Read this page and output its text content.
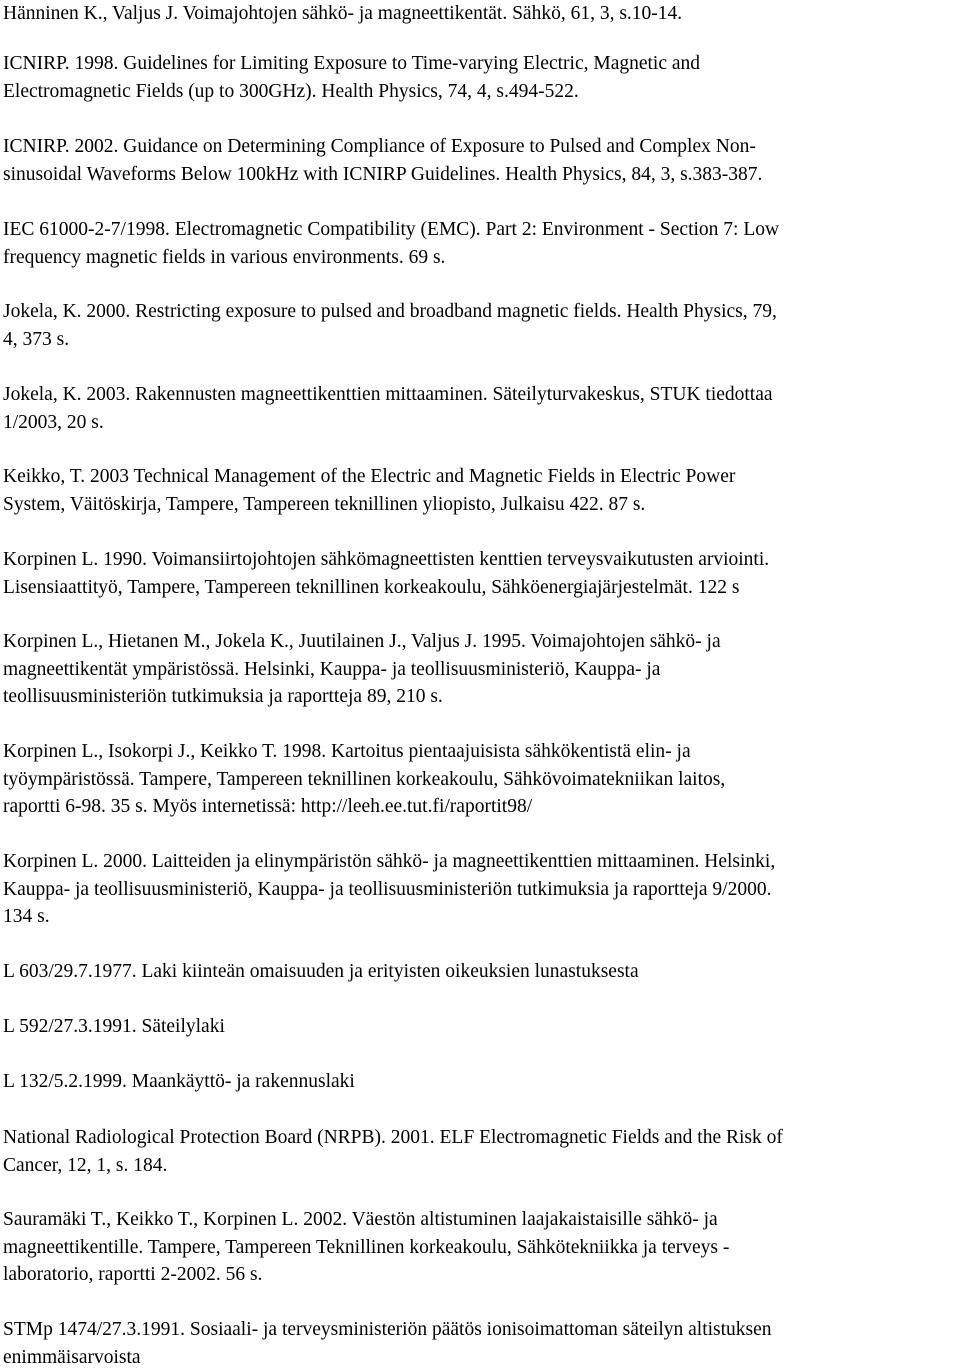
Hänninen K., Valjus J. Voimajohtojen sähkö- ja magneettikentät. Sähkö, 61, 3, s.10-14.

ICNIRP. 1998. Guidelines for Limiting Exposure to Time-varying Electric, Magnetic and
Electromagnetic Fields (up to 300GHz). Health Physics, 74, 4, s.494-522.

ICNIRP. 2002. Guidance on Determining Compliance of Exposure to Pulsed and Complex Non-
sinusoidal Waveforms Below 100kHz with ICNIRP Guidelines. Health Physics, 84, 3, s.383-387.

IEC 61000-2-7/1998. Electromagnetic Compatibility (EMC). Part 2: Environment - Section 7: Low
frequency magnetic fields in various environments. 69 s.

Jokela, K. 2000. Restricting exposure to pulsed and broadband magnetic fields. Health Physics, 79,
4, 373 s.

Jokela, K. 2003. Rakennusten magneettikenttien mittaaminen. Säteilyturvakeskus, STUK tiedottaa
1/2003, 20 s.

Keikko, T. 2003 Technical Management of the Electric and Magnetic Fields in Electric Power
System, Väitöskirja, Tampere, Tampereen teknillinen yliopisto, Julkaisu 422. 87 s.

Korpinen L. 1990. Voimansiirtojohtojen sähkömagneettisten kenttien terveysvaikutusten arviointi.
Lisensiaattityö, Tampere, Tampereen teknillinen korkeakoulu, Sähköenergiajärjestelmät. 122 s

Korpinen L., Hietanen M., Jokela K., Juutilainen J., Valjus J. 1995. Voimajohtojen sähkö- ja
magneettikentät ympäristössä. Helsinki, Kauppa- ja teollisuusministeriö, Kauppa- ja
teollisuusministeriön tutkimuksia ja raportteja 89, 210 s.

Korpinen L., Isokorpi J., Keikko T. 1998. Kartoitus pientaajuisista sähkökentistä elin- ja
työympäristössä. Tampere, Tampereen teknillinen korkeakoulu, Sähkövoimatekniikan laitos,
raportti 6-98. 35 s. Myös internetissä: http://leeh.ee.tut.fi/raportit98/

Korpinen L. 2000. Laitteiden ja elinympäristön sähkö- ja magneettikenttien mittaaminen. Helsinki,
Kauppa- ja teollisuusministeriö, Kauppa- ja teollisuusministeriön tutkimuksia ja raportteja 9/2000.
134 s.

L 603/29.7.1977. Laki kiinteän omaisuuden ja erityisten oikeuksien lunastuksesta

L 592/27.3.1991. Säteilylaki

L 132/5.2.1999. Maankäyttö- ja rakennuslaki

National Radiological Protection Board (NRPB). 2001. ELF Electromagnetic Fields and the Risk of
Cancer, 12, 1, s. 184.

Sauramäki T., Keikko T., Korpinen L. 2002. Väestön altistuminen laajakaistaisille sähkö- ja
magneettikentille. Tampere, Tampereen Teknillinen korkeakoulu, Sähkötekniikka ja terveys -
laboratorio, raportti 2-2002. 56 s.

STMp 1474/27.3.1991. Sosiaali- ja terveysministeriön päätös ionisoimattoman säteilyn altistuksen
enimmäisarvoista
